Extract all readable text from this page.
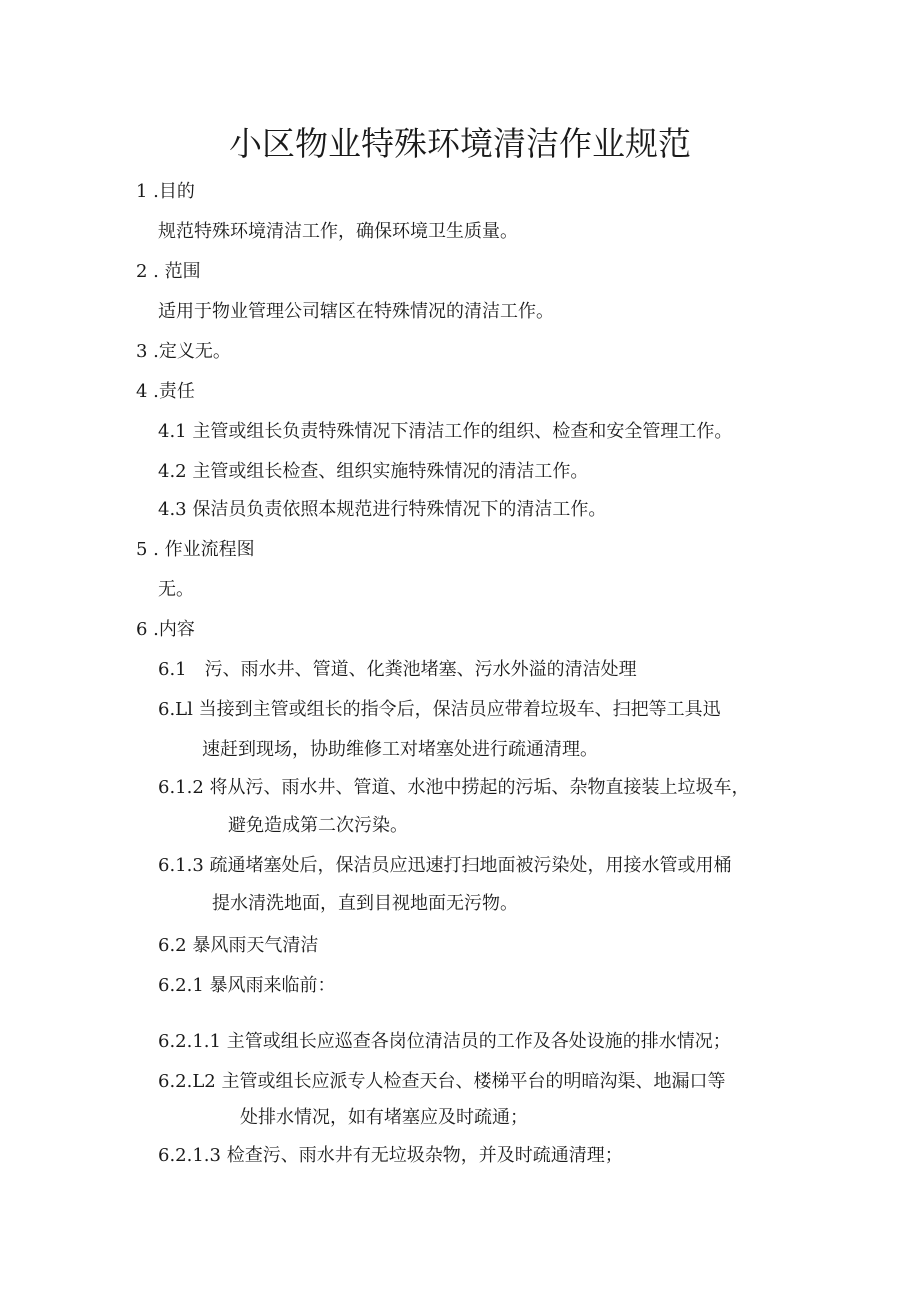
小区物业特殊环境清洁作业规范
1 .目的
规范特殊环境清洁工作，确保环境卫生质量。
2 . 范围
适用于物业管理公司辖区在特殊情况的清洁工作。
3 .定义无。
4 .责任
4.1 主管或组长负责特殊情况下清洁工作的组织、检查和安全管理工作。
4.2 主管或组长检查、组织实施特殊情况的清洁工作。
4.3 保洁员负责依照本规范进行特殊情况下的清洁工作。
5 . 作业流程图
无。
6 .内容
6.1　污、雨水井、管道、化粪池堵塞、污水外溢的清洁处理
6.Ll 当接到主管或组长的指令后，保洁员应带着垃圾车、扫把等工具迅
速赶到现场，协助维修工对堵塞处进行疏通清理。
6.1.2 将从污、雨水井、管道、水池中捞起的污垢、杂物直接装上垃圾车，
避免造成第二次污染。
6.1.3 疏通堵塞处后，保洁员应迅速打扫地面被污染处，用接水管或用桶
提水清洗地面，直到目视地面无污物。
6.2 暴风雨天气清洁
6.2.1 暴风雨来临前：
6.2.1.1 主管或组长应巡查各岗位清洁员的工作及各处设施的排水情况；
6.2.L2 主管或组长应派专人检查天台、楼梯平台的明暗沟渠、地漏口等
处排水情况，如有堵塞应及时疏通；
6.2.1.3 检查污、雨水井有无垃圾杂物，并及时疏通清理；
